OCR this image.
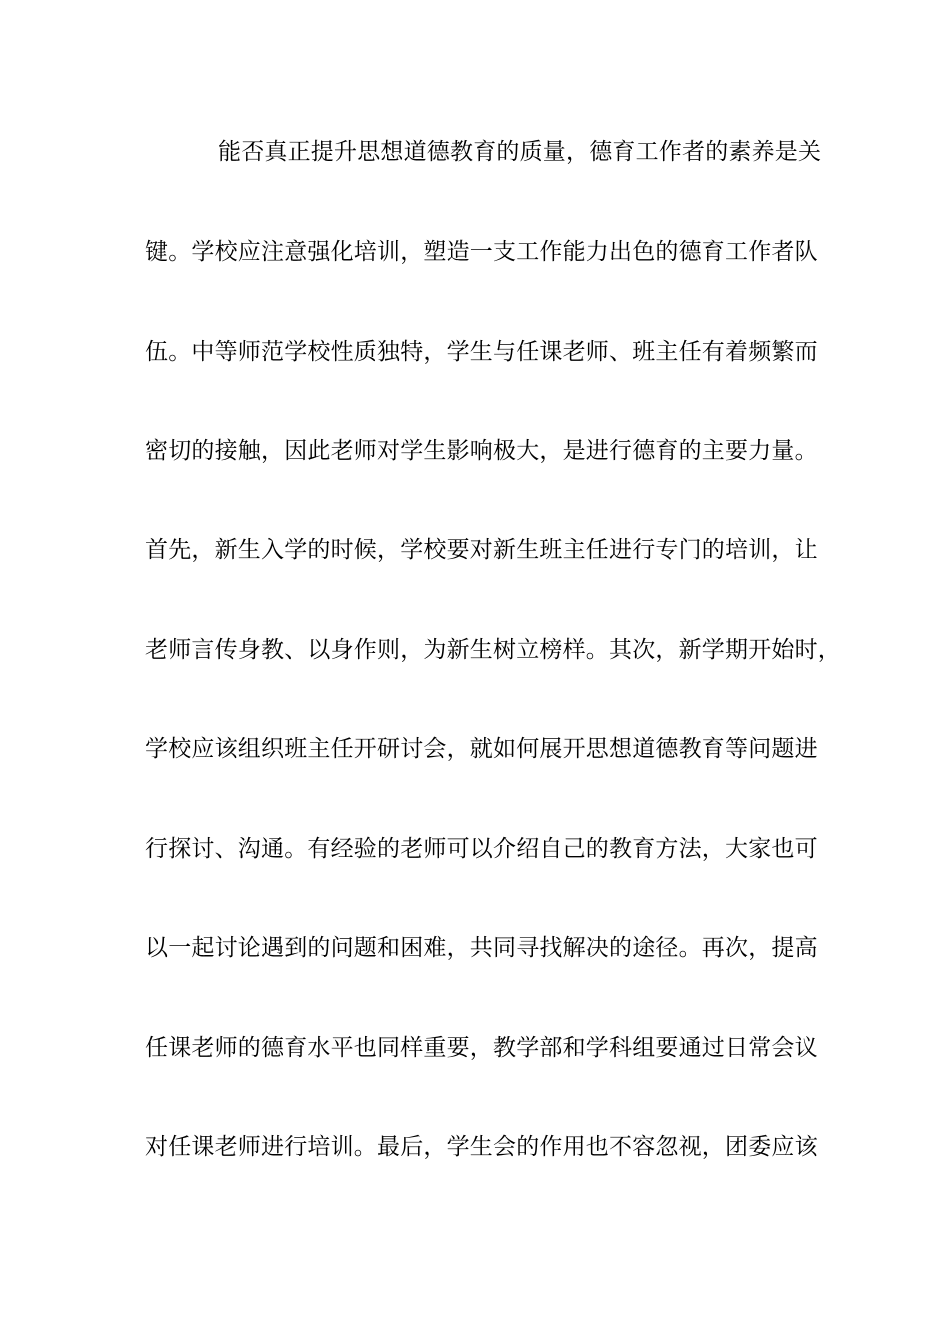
能否真正提升思想道德教育的质量，德育工作者的素养是关
键。学校应注意强化培训，塑造一支工作能力出色的德育工作者队
伍。中等师范学校性质独特，学生与任课老师、班主任有着频繁而
密切的接触，因此老师对学生影响极大，是进行德育的主要力量。
首先，新生入学的时候，学校要对新生班主任进行专门的培训，让
老师言传身教、以身作则，为新生树立榜样。其次，新学期开始时，
学校应该组织班主任开研讨会，就如何展开思想道德教育等问题进
行探讨、沟通。有经验的老师可以介绍自己的教育方法，大家也可
以一起讨论遇到的问题和困难，共同寻找解决的途径。再次，提高
任课老师的德育水平也同样重要，教学部和学科组要通过日常会议
对任课老师进行培训。最后，学生会的作用也不容忽视，团委应该
